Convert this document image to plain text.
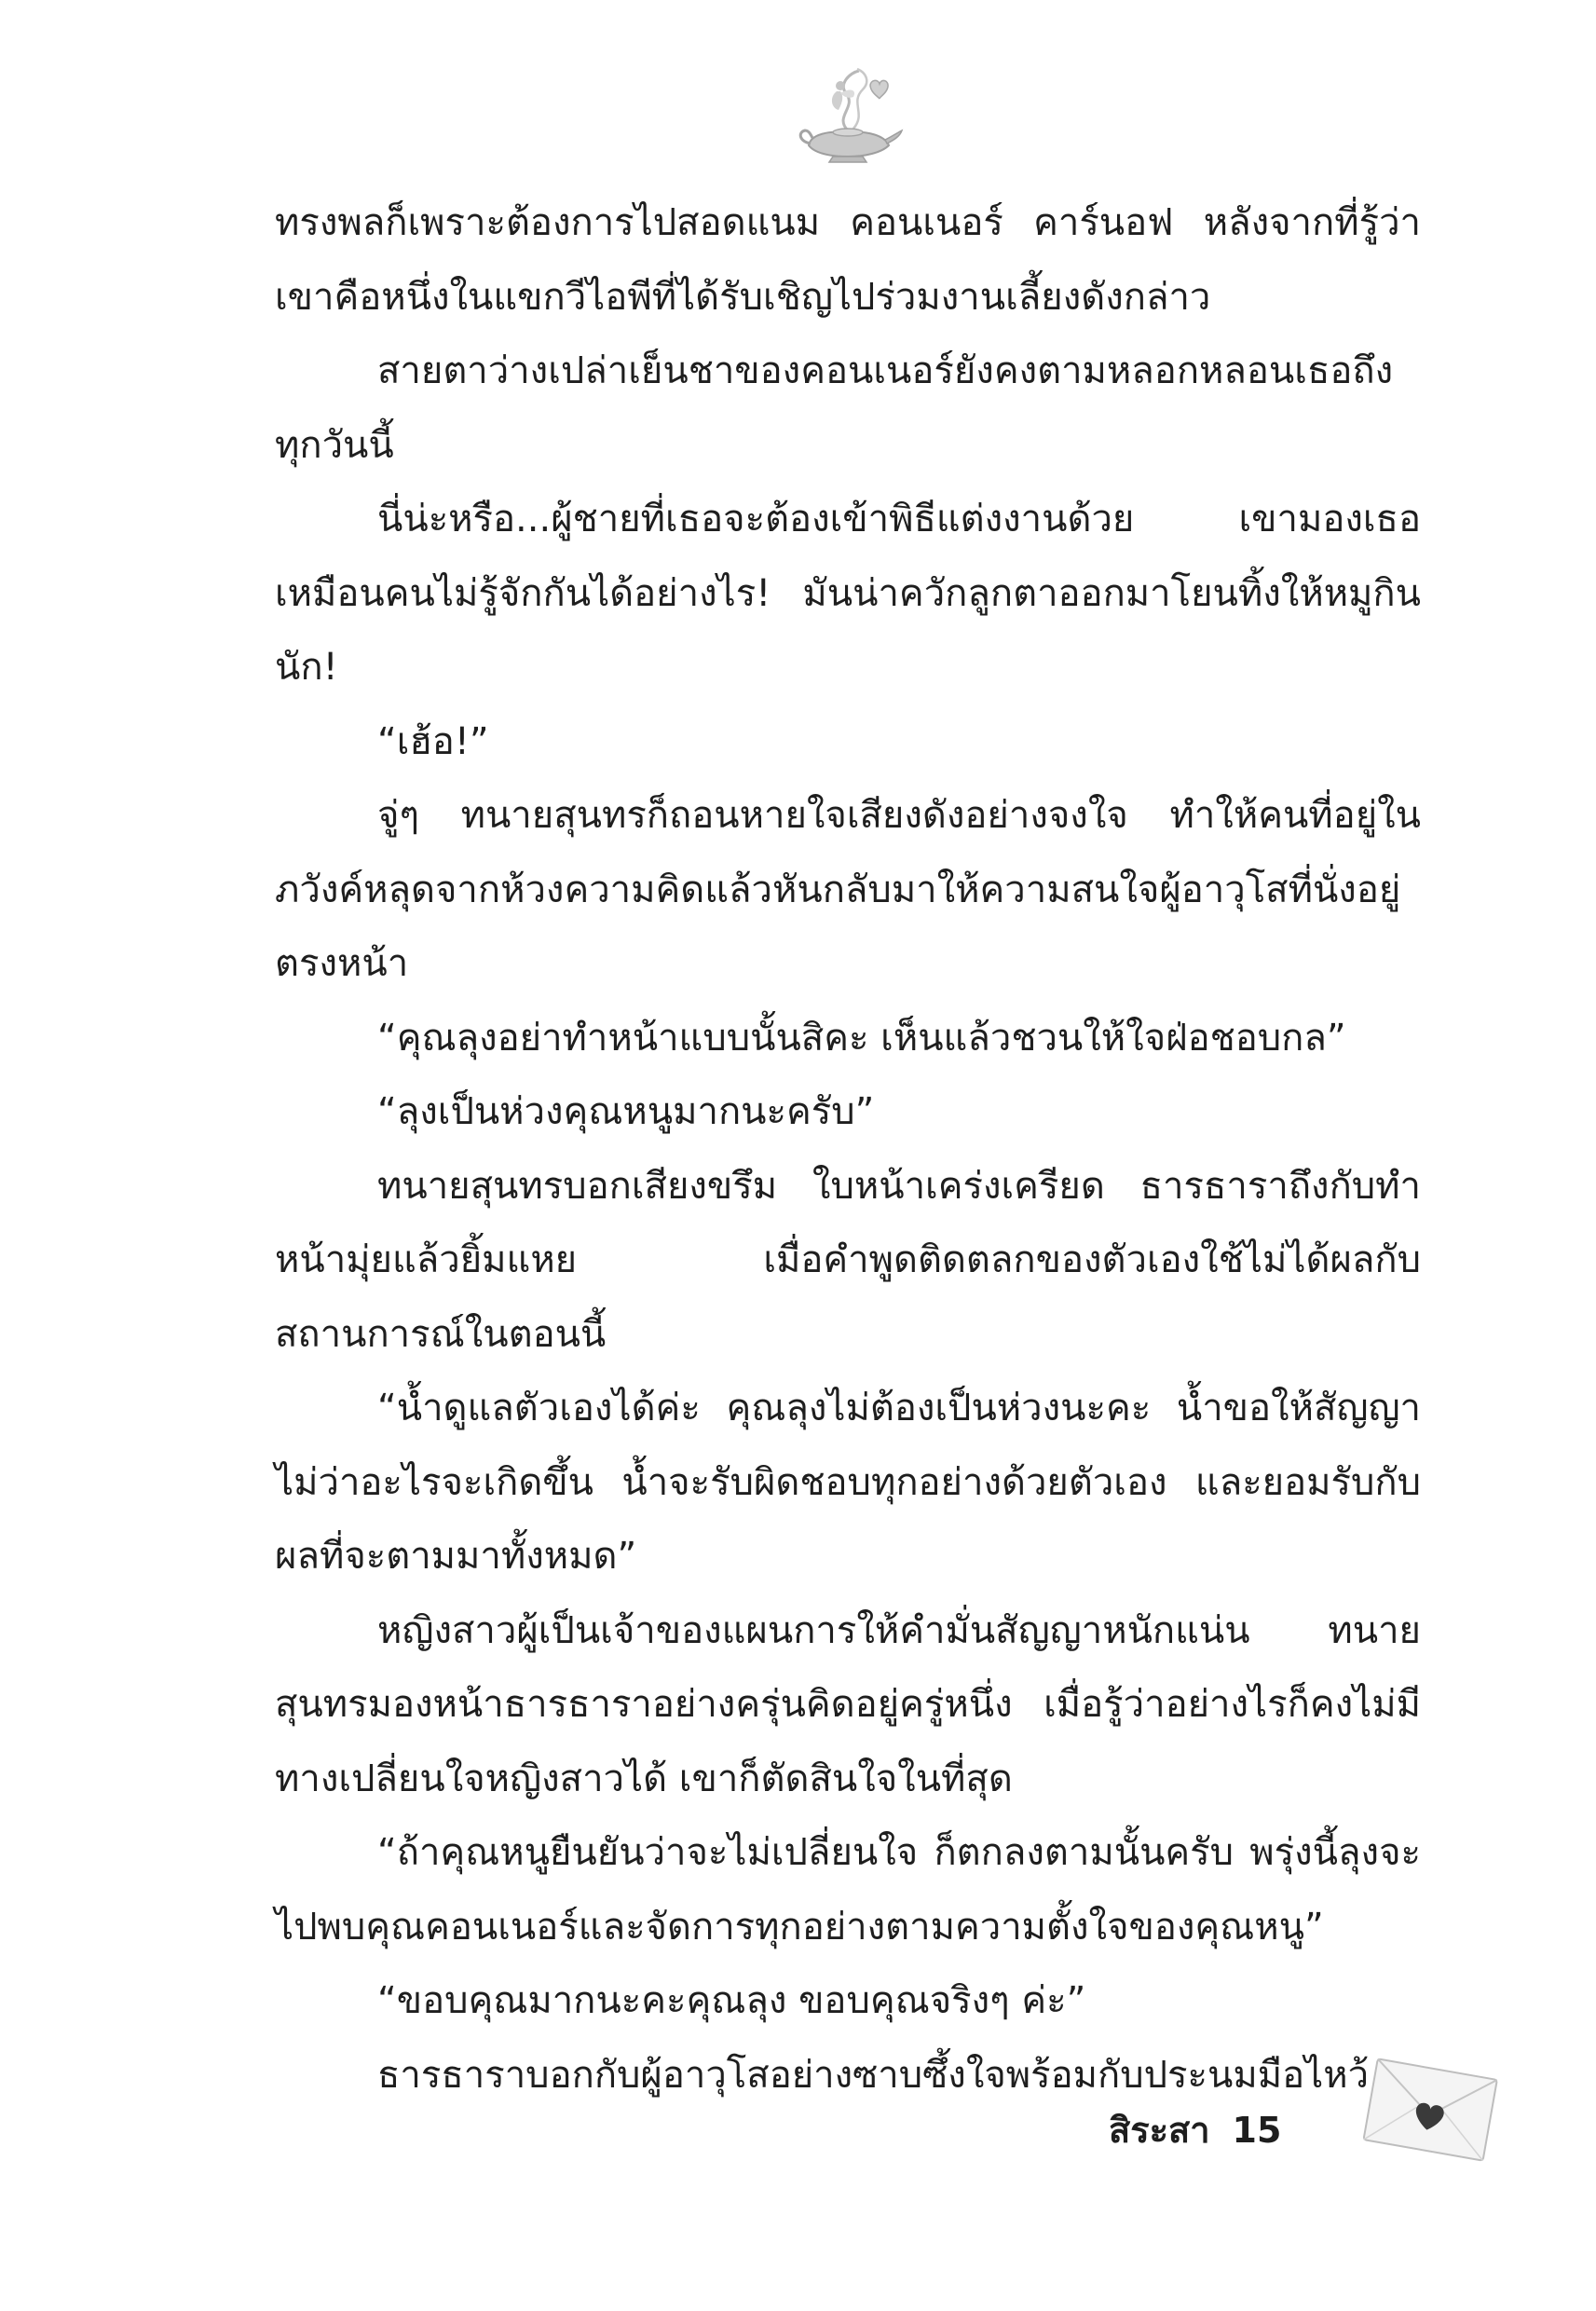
ทรงพลก็เพราะต้องการไปสอดแนม คอนเนอร์ คาร์นอฟ หลังจากที่รู้ว่าเขาคือหนึ่งในแขกวีไอพีที่ได้รับเชิญไปร่วมงานเลี้ยงดังกล่าว

สายตาว่างเปล่าเย็นชาของคอนเนอร์ยังคงตามหลอกหลอนเธอถึงทุกวันนี้

นี่น่ะหรือ...ผู้ชายที่เธอจะต้องเข้าพิธีแต่งงานด้วย เขามองเธอเหมือนคนไม่รู้จักกันได้อย่างไร! มันน่าควักลูกตาออกมาโยนทิ้งให้หมูกินนัก!

“เฮ้อ!”

จู่ๆ ทนายสุนทรก็ถอนหายใจเสียงดังอย่างจงใจ ทำให้คนที่อยู่ในภวังค์หลุดจากห้วงความคิดแล้วหันกลับมาให้ความสนใจผู้อาวุโสที่นั่งอยู่ตรงหน้า

“คุณลุงอย่าทำหน้าแบบนั้นสิคะ เห็นแล้วชวนให้ใจฝ่อชอบกล”

“ลุงเป็นห่วงคุณหนูมากนะครับ”

ทนายสุนทรบอกเสียงขรึม ใบหน้าเคร่งเครียด ธารธาราถึงกับทำหน้ามุ่ยแล้วยิ้มแหย เมื่อคำพูดติดตลกของตัวเองใช้ไม่ได้ผลกับสถานการณ์ในตอนนี้

“น้ำดูแลตัวเองได้ค่ะ คุณลุงไม่ต้องเป็นห่วงนะคะ น้ำขอให้สัญญาไม่ว่าอะไรจะเกิดขึ้น น้ำจะรับผิดชอบทุกอย่างด้วยตัวเอง และยอมรับกับผลที่จะตามมาทั้งหมด”

หญิงสาวผู้เป็นเจ้าของแผนการให้คำมั่นสัญญาหนักแน่น ทนายสุนทรมองหน้าธารธาราอย่างครุ่นคิดอยู่ครู่หนึ่ง เมื่อรู้ว่าอย่างไรก็คงไม่มีทางเปลี่ยนใจหญิงสาวได้ เขาก็ตัดสินใจในที่สุด

“ถ้าคุณหนูยืนยันว่าจะไม่เปลี่ยนใจ ก็ตกลงตามนั้นครับ พรุ่งนี้ลุงจะไปพบคุณคอนเนอร์และจัดการทุกอย่างตามความตั้งใจของคุณหนู”

“ขอบคุณมากนะคะคุณลุง ขอบคุณจริงๆ ค่ะ”

ธารธาราบอกกับผู้อาวุโสอย่างซาบซึ้งใจพร้อมกับประนมมือไหว้

สิระสา 15
